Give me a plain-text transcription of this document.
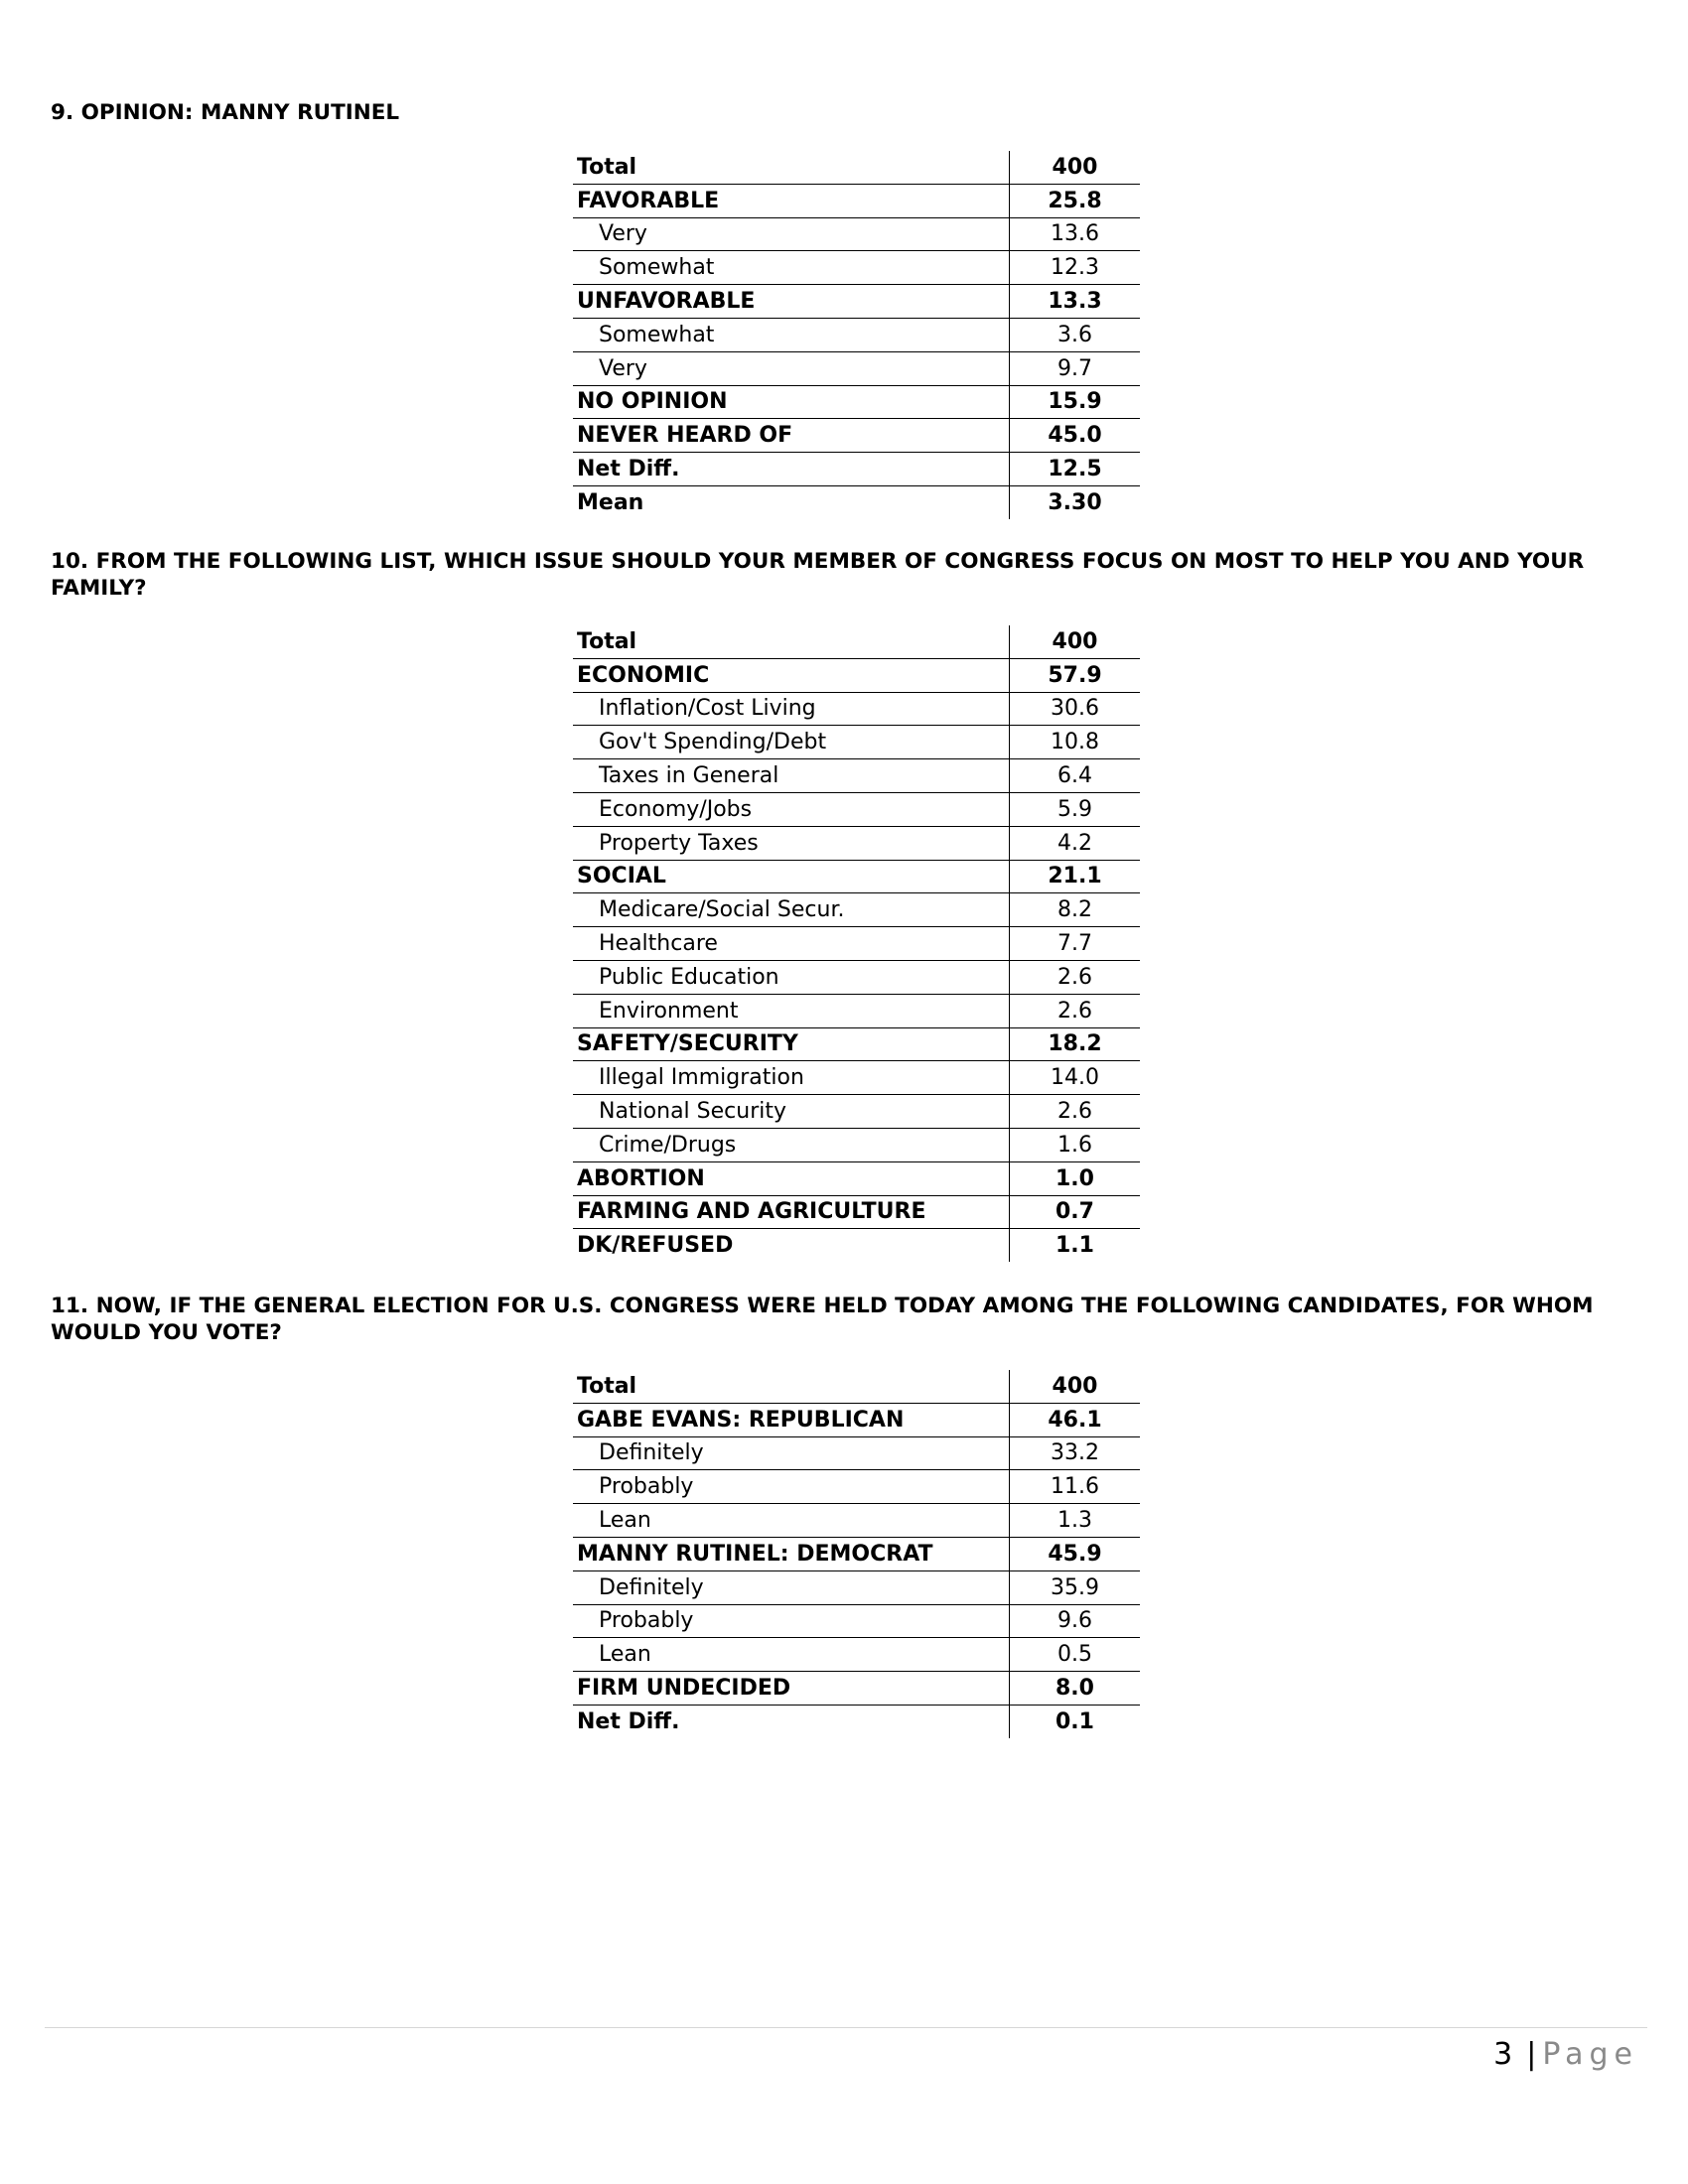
9. OPINION: MANNY RUTINEL

Total	400
FAVORABLE	25.8
Very	13.6
Somewhat	12.3
UNFAVORABLE	13.3
Somewhat	3.6
Very	9.7
NO OPINION	15.9
NEVER HEARD OF	45.0
Net Diff.	12.5
Mean	3.30

10. FROM THE FOLLOWING LIST, WHICH ISSUE SHOULD YOUR MEMBER OF CONGRESS FOCUS ON MOST TO HELP YOU AND YOUR FAMILY?

Total	400
ECONOMIC	57.9
Inflation/Cost Living	30.6
Gov't Spending/Debt	10.8
Taxes in General	6.4
Economy/Jobs	5.9
Property Taxes	4.2
SOCIAL	21.1
Medicare/Social Secur.	8.2
Healthcare	7.7
Public Education	2.6
Environment	2.6
SAFETY/SECURITY	18.2
Illegal Immigration	14.0
National Security	2.6
Crime/Drugs	1.6
ABORTION	1.0
FARMING AND AGRICULTURE	0.7
DK/REFUSED	1.1

11. NOW, IF THE GENERAL ELECTION FOR U.S. CONGRESS WERE HELD TODAY AMONG THE FOLLOWING CANDIDATES, FOR WHOM WOULD YOU VOTE?

Total	400
GABE EVANS: REPUBLICAN	46.1
Definitely	33.2
Probably	11.6
Lean	1.3
MANNY RUTINEL: DEMOCRAT	45.9
Definitely	35.9
Probably	9.6
Lean	0.5
FIRM UNDECIDED	8.0
Net Diff.	0.1
3 | Page
